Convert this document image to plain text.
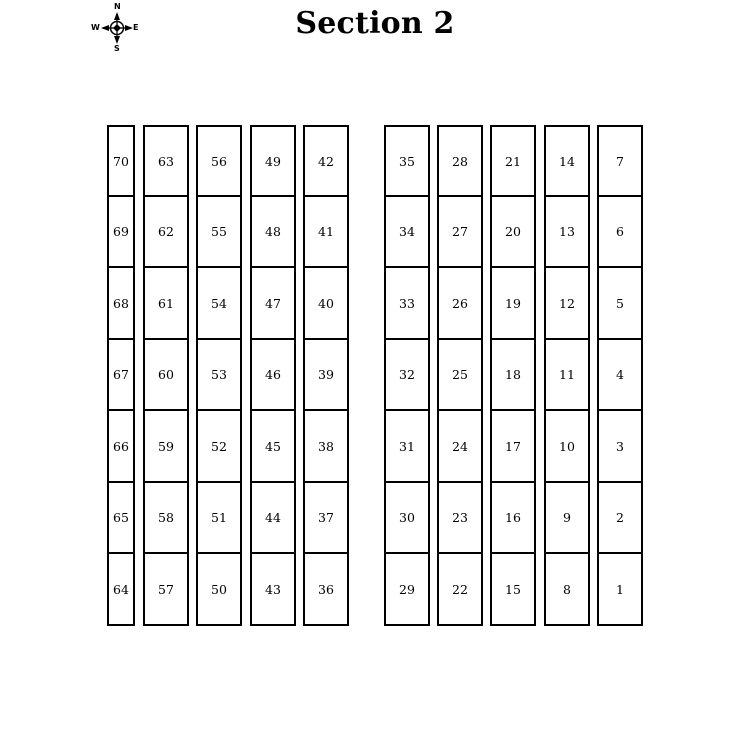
Section 2
N
S
E
W
70
69
68
67
66
65
64
63
62
61
60
59
58
57
56
55
54
53
52
51
50
49
48
47
46
45
44
43
42
41
40
39
38
37
36
35
34
33
32
31
30
29
28
27
26
25
24
23
22
21
20
19
18
17
16
15
14
13
12
11
10
9
8
7
6
5
4
3
2
1
